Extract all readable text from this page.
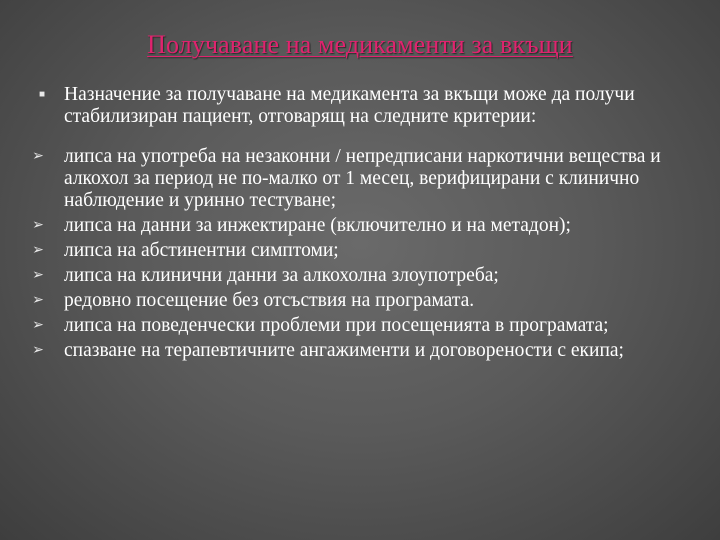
Получаване на медикаменти за вкъщи
■ Назначение за получаване на медикамента за вкъщи може да получи стабилизиран пациент, отговарящ на следните критерии:
➢	липса на употреба на незаконни / непредписани наркотични вещества и алкохол за период не по-малко от 1 месец, верифицирани с клинично наблюдение и уринно тестуване;
➢	липса на данни за инжектиране (включително и на метадон);
➢	липса на абстинентни симптоми;
➢	липса на клинични данни за алкохолна злоупотреба;
➢	редовно посещение без отсъствия на програмата.
➢	липса на поведенчески проблеми при посещенията в програмата;
➢	спазване на терапевтичните ангажименти и договорености с екипа;
